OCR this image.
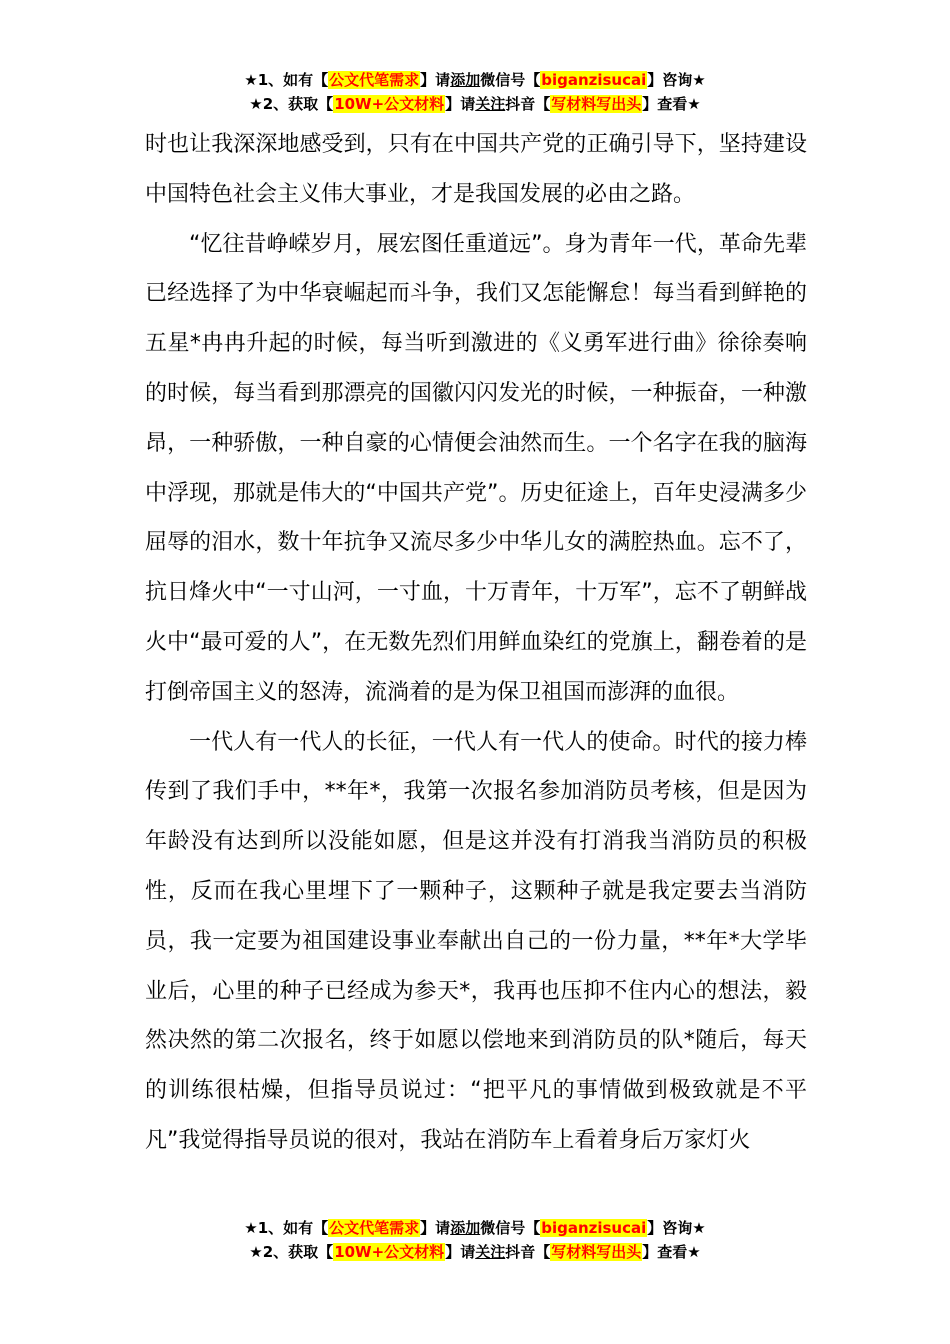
★1、如有【公文代笔需求】请添加微信号【biganzisucai】咨询★
★2、获取【10W+公文材料】请关注抖音【写材料写出头】查看★

时也让我深深地感受到，只有在中国共产党的正确引导下，坚持建设中国特色社会主义伟大事业，才是我国发展的必由之路。

“忆往昔峥嵘岁月，展宏图任重道远”。身为青年一代，革命先辈已经选择了为中华衰崛起而斗争，我们又怎能懈怠！每当看到鲜艳的五星*冉冉升起的时候，每当听到激进的《义勇军进行曲》徐徐奏响的时候，每当看到那漂亮的国徽闪闪发光的时候，一种振奋，一种激昂，一种骄傲，一种自豪的心情便会油然而生。一个名字在我的脑海中浮现，那就是伟大的“中国共产党”。历史征途上，百年史浸满多少屈辱的泪水，数十年抗争又流尽多少中华儿女的满腔热血。忘不了，抗日烽火中“一寸山河，一寸血，十万青年，十万军”，忘不了朝鲜战火中“最可爱的人”，在无数先烈们用鲜血染红的党旗上，翻卷着的是打倒帝国主义的怒涛，流淌着的是为保卫祖国而澎湃的血很。

一代人有一代人的长征，一代人有一代人的使命。时代的接力棒传到了我们手中，**年*，我第一次报名参加消防员考核，但是因为年龄没有达到所以没能如愿，但是这并没有打消我当消防员的积极性，反而在我心里埋下了一颗种子，这颗种子就是我定要去当消防员，我一定要为祖国建设事业奉献出自己的一份力量，**年*大学毕业后，心里的种子已经成为参天*，我再也压抑不住内心的想法，毅然决然的第二次报名，终于如愿以偿地来到消防员的队*随后，每天的训练很枯燥，但指导员说过：“把平凡的事情做到极致就是不平凡”我觉得指导员说的很对，我站在消防车上看着身后万家灯火

★1、如有【公文代笔需求】请添加微信号【biganzisucai】咨询★
★2、获取【10W+公文材料】请关注抖音【写材料写出头】查看★
